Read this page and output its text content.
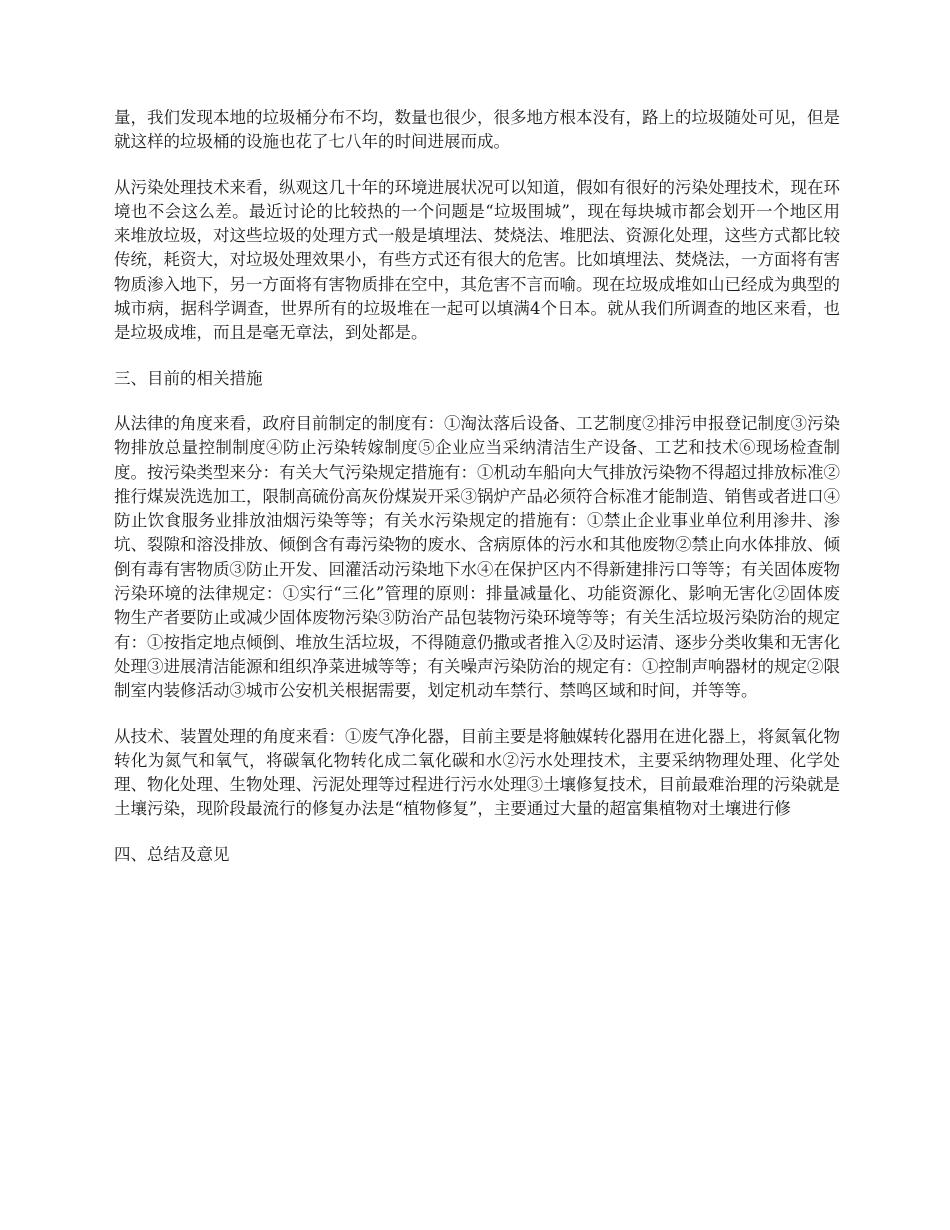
量，我们发现本地的垃圾桶分布不均，数量也很少，很多地方根本没有，路上的垃圾随处可见，但是就这样的垃圾桶的设施也花了七八年的时间进展而成。

从污染处理技术来看，纵观这几十年的环境进展状况可以知道，假如有很好的污染处理技术，现在环境也不会这么差。最近讨论的比较热的一个问题是“垃圾围城”，现在每块城市都会划开一个地区用来堆放垃圾，对这些垃圾的处理方式一般是填埋法、焚烧法、堆肥法、资源化处理，这些方式都比较传统，耗资大，对垃圾处理效果小，有些方式还有很大的危害。比如填埋法、焚烧法，一方面将有害物质渗入地下，另一方面将有害物质排在空中，其危害不言而喻。现在垃圾成堆如山已经成为典型的城市病，据科学调查，世界所有的垃圾堆在一起可以填满4个日本。就从我们所调查的地区来看，也是垃圾成堆，而且是毫无章法，到处都是。

三、目前的相关措施

从法律的角度来看，政府目前制定的制度有：①淘汰落后设备、工艺制度②排污申报登记制度③污染物排放总量控制制度④防止污染转嫁制度⑤企业应当采纳清洁生产设备、工艺和技术⑥现场检查制度。按污染类型来分：有关大气污染规定措施有：①机动车船向大气排放污染物不得超过排放标准②推行煤炭洗选加工，限制高硫份高灰份煤炭开采③锅炉产品必须符合标准才能制造、销售或者进口④防止饮食服务业排放油烟污染等等；有关水污染规定的措施有：①禁止企业事业单位利用渗井、渗坑、裂隙和溶没排放、倾倒含有毒污染物的废水、含病原体的污水和其他废物②禁止向水体排放、倾倒有毒有害物质③防止开发、回灌活动污染地下水④在保护区内不得新建排污口等等；有关固体废物污染环境的法律规定：①实行“三化”管理的原则：排量减量化、功能资源化、影响无害化②固体废物生产者要防止或减少固体废物污染③防治产品包装物污染环境等等；有关生活垃圾污染防治的规定有：①按指定地点倾倒、堆放生活垃圾，不得随意仍撒或者推入②及时运清、逐步分类收集和无害化处理③进展清洁能源和组织净菜进城等等；有关噪声污染防治的规定有：①控制声响器材的规定②限制室内装修活动③城市公安机关根据需要，划定机动车禁行、禁鸣区域和时间，并等等。

从技术、装置处理的角度来看：①废气净化器，目前主要是将触媒转化器用在进化器上，将氮氧化物转化为氮气和氧气，将碳氧化物转化成二氧化碳和水②污水处理技术，主要采纳物理处理、化学处理、物化处理、生物处理、污泥处理等过程进行污水处理③土壤修复技术，目前最难治理的污染就是土壤污染，现阶段最流行的修复办法是“植物修复”，主要通过大量的超富集植物对土壤进行修

四、总结及意见
